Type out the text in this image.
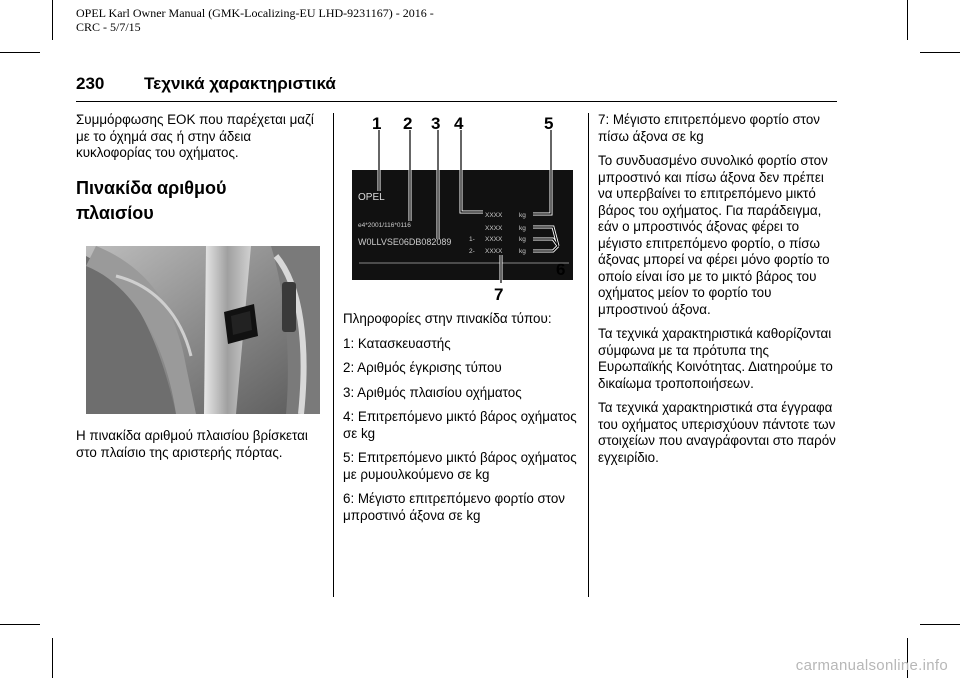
OPEL Karl Owner Manual (GMK-Localizing-EU LHD-9231167) - 2016 -
CRC - 5/7/15
230 Τεχνικά χαρακτηριστικά

Συμμόρφωσης ΕΟΚ που παρέχεται μαζί με το όχημά σας ή στην άδεια κυκλοφορίας του οχήματος.

Πινακίδα αριθμού
πλαισίου

Η πινακίδα αριθμού πλαισίου βρίσκεται στο πλαίσιο της αριστερής πόρτας.

OPEL
e4*2001/116*0116
W0LLVSE06DB082089
XXXX	kg
XXXX	kg
1- XXXX	kg
2- XXXX	kg
1 2 3 4	5
6
7

Πληροφορίες στην πινακίδα τύπου:

1: Κατασκευαστής

2: Αριθμός έγκρισης τύπου

3: Αριθμός πλαισίου οχήματος

4: Επιτρεπόμενο μικτό βάρος οχήματος σε kg

5: Επιτρεπόμενο μικτό βάρος οχήματος με ρυμουλκούμενο σε kg

6: Μέγιστο επιτρεπόμενο φορτίο στον μπροστινό άξονα σε kg

7: Μέγιστο επιτρεπόμενο φορτίο στον πίσω άξονα σε kg

Το συνδυασμένο συνολικό φορτίο στον μπροστινό και πίσω άξονα δεν πρέπει να υπερβαίνει το επιτρεπόμενο μικτό βάρος του οχήματος. Για παράδειγμα, εάν ο μπροστινός άξονας φέρει το μέγιστο επιτρεπόμενο φορτίο, ο πίσω άξονας μπορεί να φέρει μόνο φορτίο το οποίο είναι ίσο με το μικτό βάρος του οχήματος μείον το φορτίο του μπροστινού άξονα.

Τα τεχνικά χαρακτηριστικά καθορίζονται σύμφωνα με τα πρότυπα της Ευρωπαϊκής Κοινότητας. Διατηρούμε το δικαίωμα τροποποιήσεων.

Τα τεχνικά χαρακτηριστικά στα έγγραφα του οχήματος υπερισχύουν πάντοτε των στοιχείων που αναγράφονται στο παρόν εγχειρίδιο.

carmanualsonline.info
